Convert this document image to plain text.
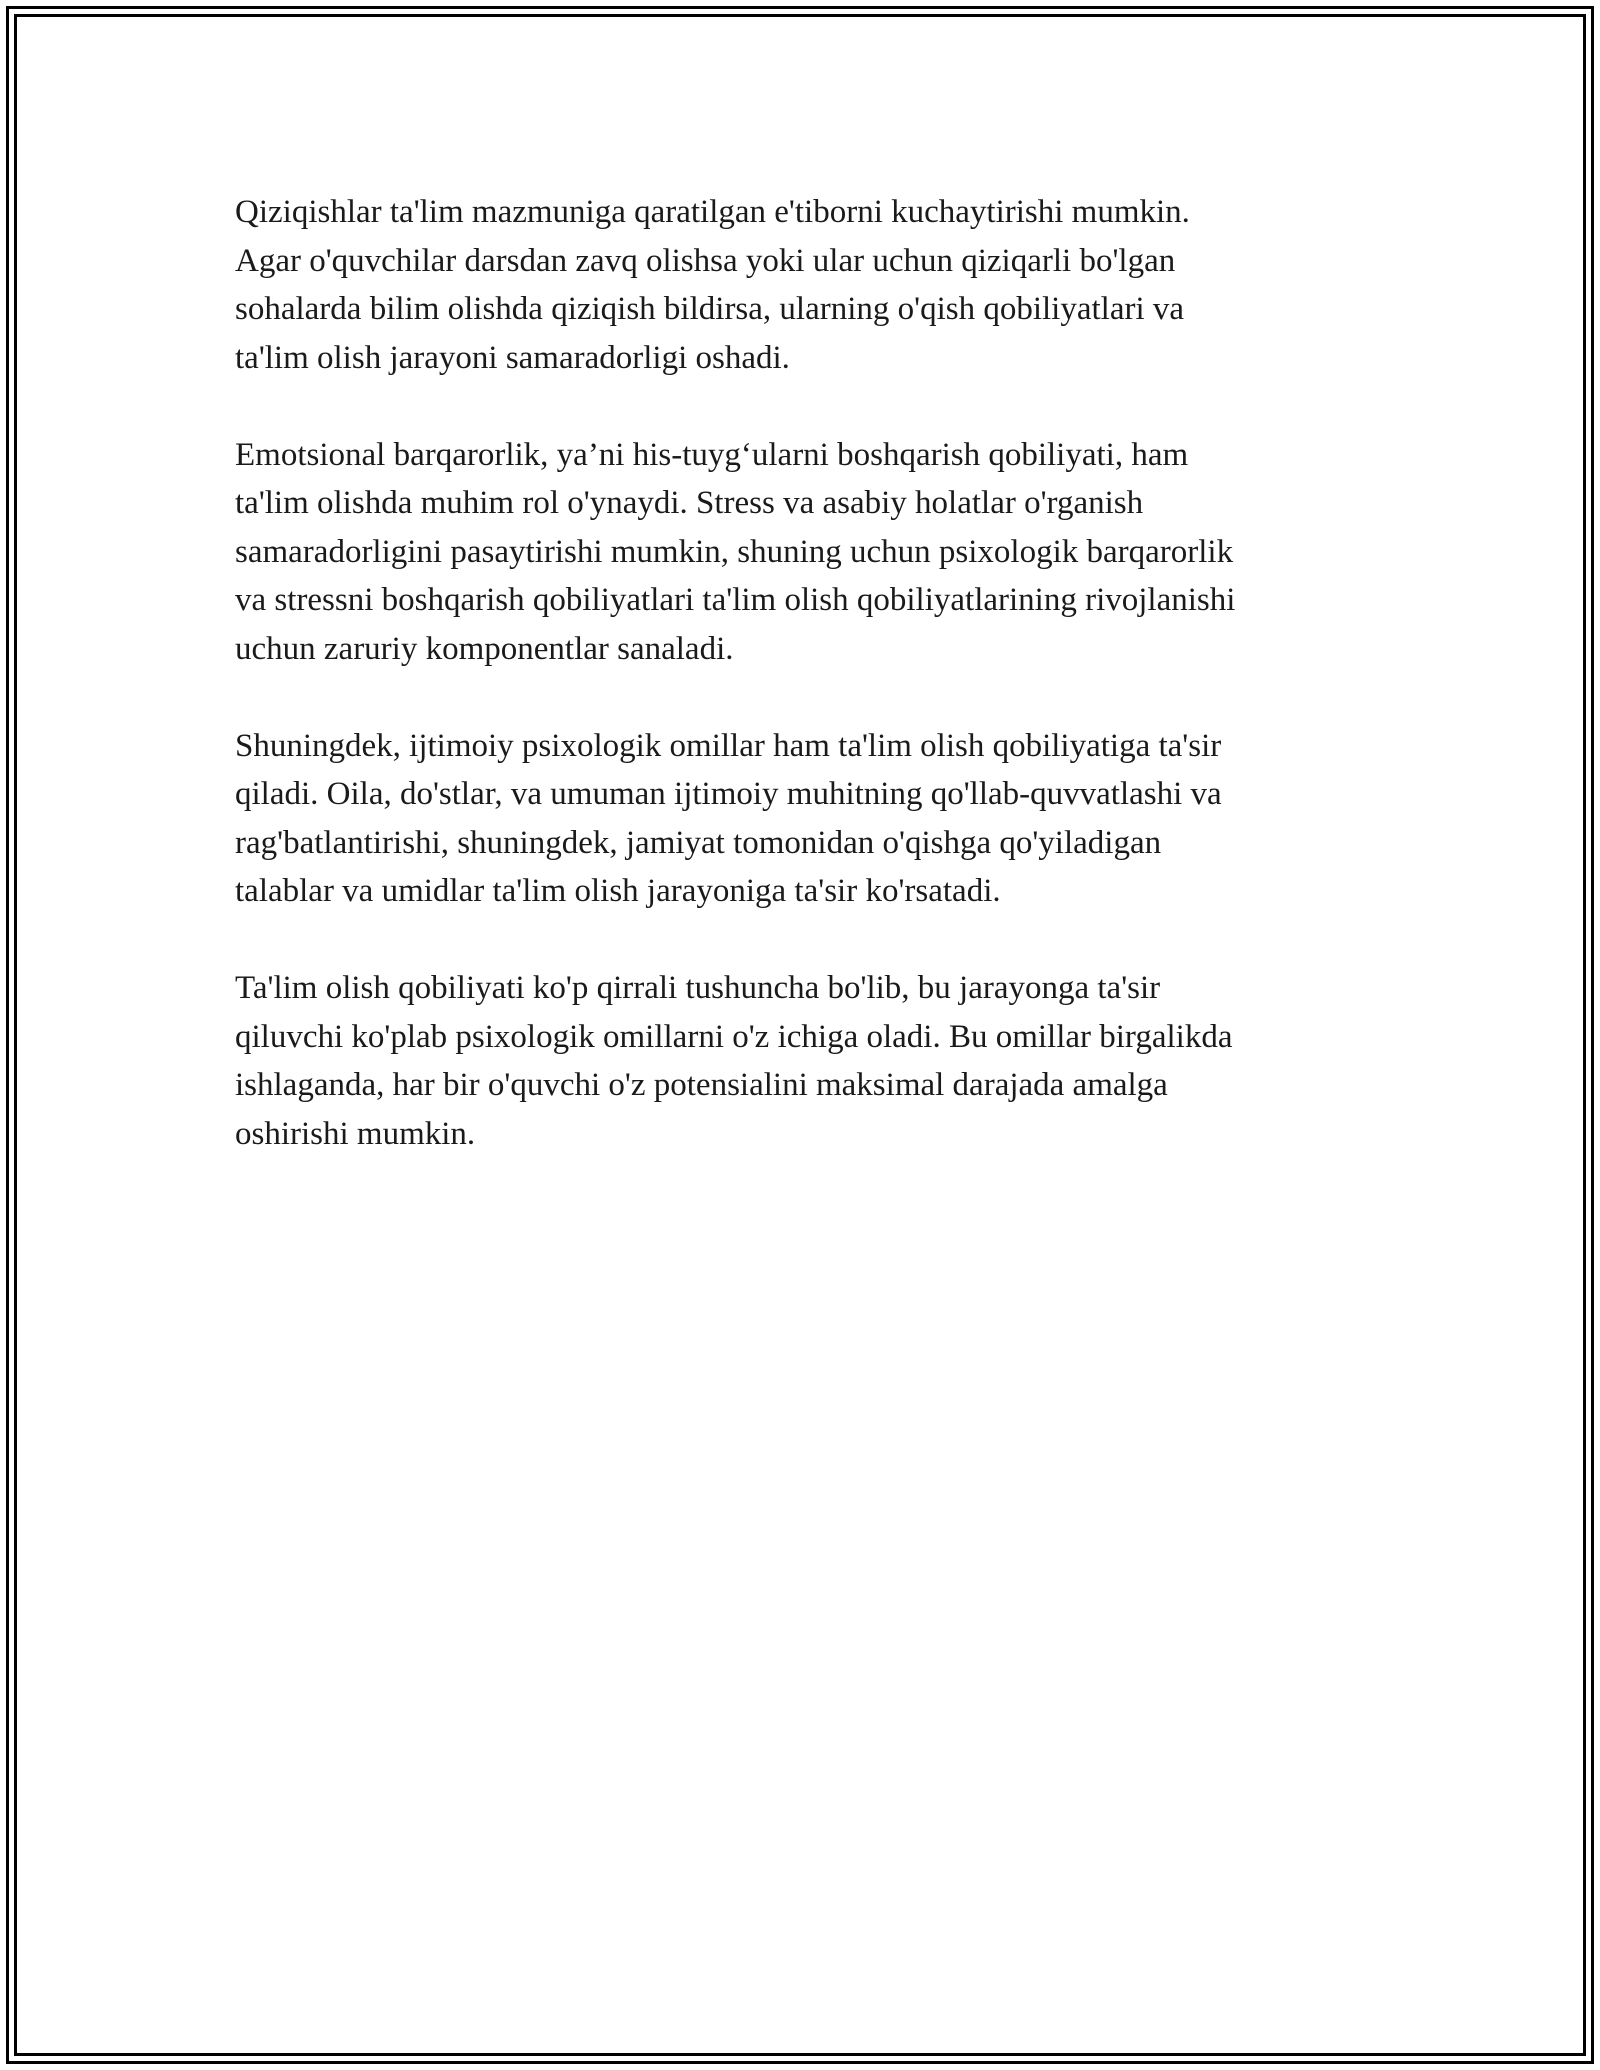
Qiziqishlar ta'lim mazmuniga qaratilgan e'tiborni kuchaytirishi mumkin.
Agar o'quvchilar darsdan zavq olishsa yoki ular uchun qiziqarli bo'lgan
sohalarda bilim olishda qiziqish bildirsa, ularning o'qish qobiliyatlari va
ta'lim olish jarayoni samaradorligi oshadi.

Emotsional barqarorlik, ya’ni his-tuyg‘ularni boshqarish qobiliyati, ham
ta'lim olishda muhim rol o'ynaydi. Stress va asabiy holatlar o'rganish
samaradorligini pasaytirishi mumkin, shuning uchun psixologik barqarorlik
va stressni boshqarish qobiliyatlari ta'lim olish qobiliyatlarining rivojlanishi
uchun zaruriy komponentlar sanaladi.

Shuningdek, ijtimoiy psixologik omillar ham ta'lim olish qobiliyatiga ta'sir
qiladi. Oila, do'stlar, va umuman ijtimoiy muhitning qo'llab-quvvatlashi va
rag'batlantirishi, shuningdek, jamiyat tomonidan o'qishga qo'yiladigan
talablar va umidlar ta'lim olish jarayoniga ta'sir ko'rsatadi.

Ta'lim olish qobiliyati ko'p qirrali tushuncha bo'lib, bu jarayonga ta'sir
qiluvchi ko'plab psixologik omillarni o'z ichiga oladi. Bu omillar birgalikda
ishlaganda, har bir o'quvchi o'z potensialini maksimal darajada amalga
oshirishi mumkin.
